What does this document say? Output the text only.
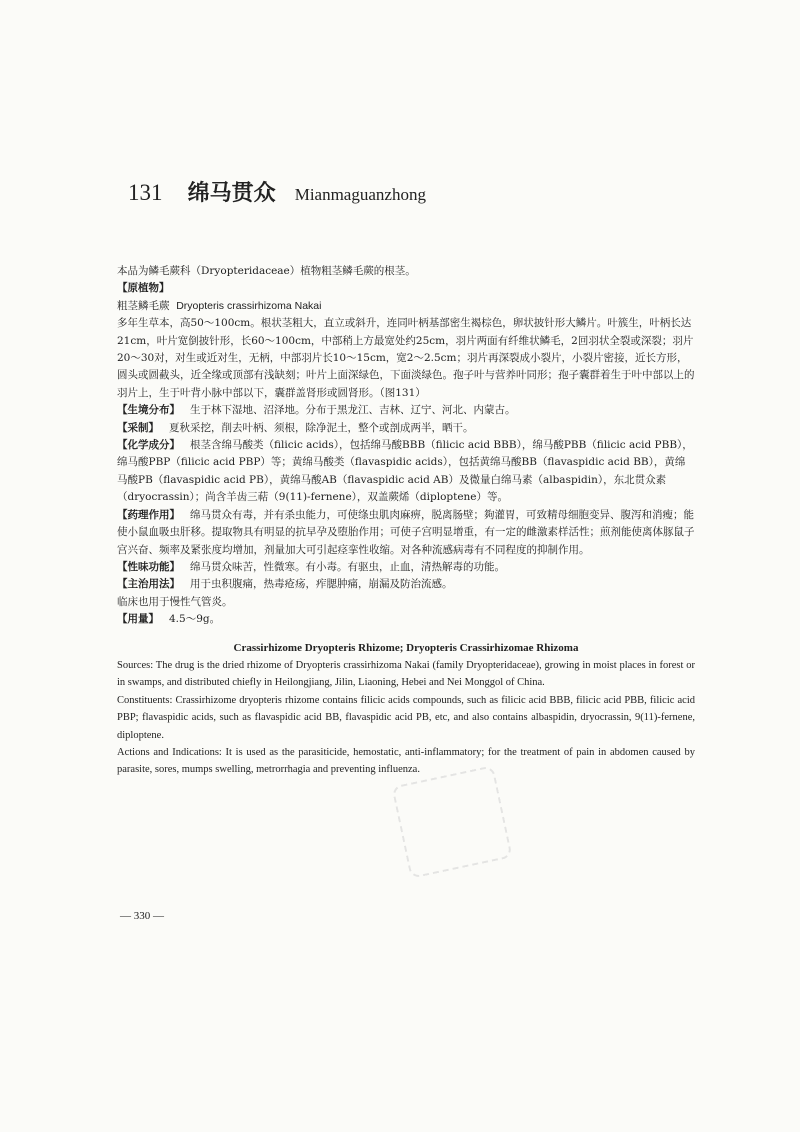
131 绵马贯众 Mianmaguanzhong

本品为鳞毛蕨科（Dryopteridaceae）植物粗茎鳞毛蕨的根茎。

【原植物】

粗茎鳞毛蕨 Dryopteris crassirhizoma Nakai

多年生草本，高50～100cm。根状茎粗大，直立或斜升，连同叶柄基部密生褐棕色，卵状披针形大鳞片。叶簇生，叶柄长达21cm，叶片宽倒披针形，长60～100cm，中部稍上方最宽处约25cm，羽片两面有纤维状鳞毛，2回羽状全裂或深裂；羽片20～30对，对生或近对生，无柄，中部羽片长10～15cm，宽2～2.5cm；羽片再深裂成小裂片，小裂片密接，近长方形，圆头或圆截头，近全缘或顶部有浅缺刻；叶片上面深绿色，下面淡绿色。孢子叶与营养叶同形；孢子囊群着生于叶中部以上的羽片上，生于叶背小脉中部以下，囊群盖肾形或圆肾形。（图131）

【生境分布】 生于林下湿地、沼泽地。分布于黑龙江、吉林、辽宁、河北、内蒙古。

【采制】 夏秋采挖，削去叶柄、须根，除净泥土，整个或剖成两半，晒干。

【化学成分】 根茎含绵马酸类（filicic acids），包括绵马酸BBB（filicic acid BBB），绵马酸PBB（filicic acid PBB），绵马酸PBP（filicic acid PBP）等；黄绵马酸类（flavaspidic acids），包括黄绵马酸BB（flavaspidic acid BB），黄绵马酸PB（flavaspidic acid PB），黄绵马酸AB（flavaspidic acid AB）及微量白绵马素（albaspidin），东北贯众素（dryocrassin）；尚含羊齿三萜（9(11)-fernene），双盖蕨烯（diploptene）等。

【药理作用】 绵马贯众有毒，并有杀虫能力，可使绦虫肌肉麻痹，脱离肠壁；夠灌胃，可致精母细胞变异、腹泻和消瘦；能使小鼠血吸虫肝移。提取物具有明显的抗早孕及堕胎作用；可使子宫明显增重，有一定的雌激素样活性；煎剂能使离体豚鼠子宫兴奋、频率及紧张度均增加，剂量加大可引起痉挛性收缩。对各种流感病毒有不同程度的抑制作用。

【性味功能】 绵马贯众味苦，性微寒。有小毒。有驱虫，止血，清热解毒的功能。

【主治用法】 用于虫积腹痛，热毒疮疡，痄腮肿痛，崩漏及防治流感。

临床也用于慢性气管炎。

【用量】 4.5～9g。

Crassirhizome Dryopteris Rhizome; Dryopteris Crassirhizomae Rhizoma

Sources: The drug is the dried rhizome of Dryopteris crassirhizoma Nakai (family Dryopteridaceae), growing in moist places in forest or in swamps, and distributed chiefly in Heilongjiang, Jilin, Liaoning, Hebei and Nei Monggol of China.

Constituents: Crassirhizome dryopteris rhizome contains filicic acids compounds, such as filicic acid BBB, filicic acid PBB, filicic acid PBP; flavaspidic acids, such as flavaspidic acid BB, flavaspidic acid PB, etc, and also contains albaspidin, dryocrassin, 9(11)-fernene, diploptene.

Actions and Indications: It is used as the parasiticide, hemostatic, anti-inflammatory; for the treatment of pain in abdomen caused by parasite, sores, mumps swelling, metrorrhagia and preventing influenza.

— 330 —
